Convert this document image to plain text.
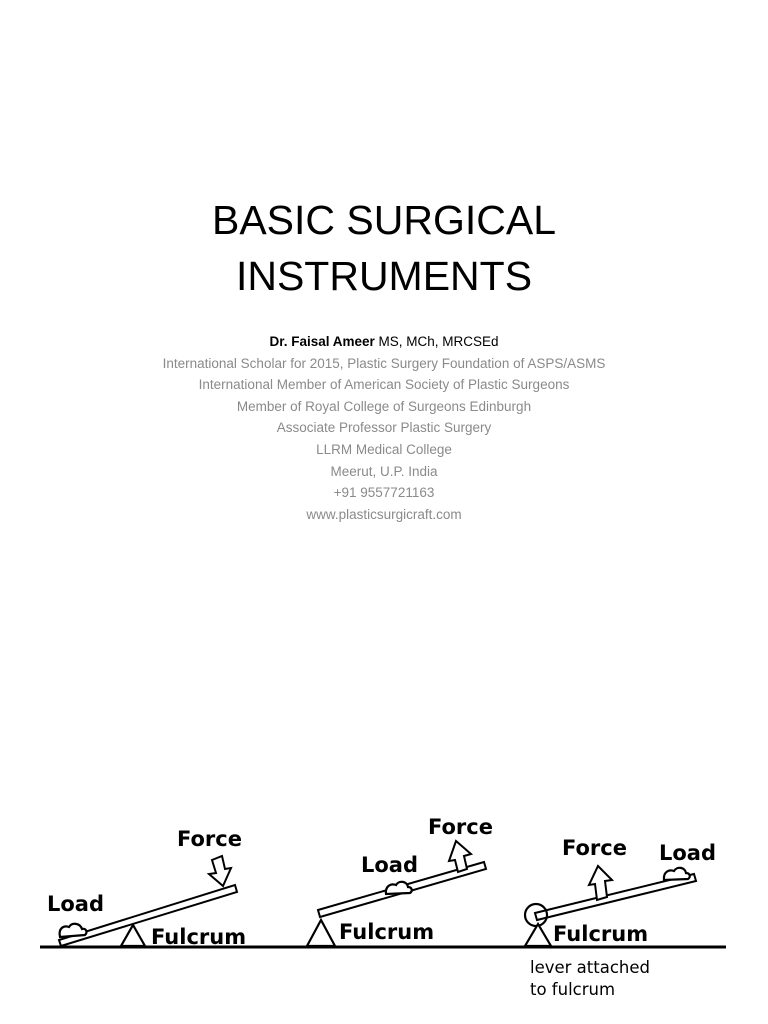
BASIC SURGICAL
INSTRUMENTS
Dr. Faisal Ameer MS, MCh, MRCSEd
International Scholar for 2015, Plastic Surgery Foundation of ASPS/ASMS
International Member of American Society of Plastic Surgeons
Member of Royal College of Surgeons Edinburgh
Associate Professor Plastic Surgery
LLRM Medical College
Meerut, U.P. India
+91 9557721163
www.plasticsurgicraft.com
Force
Load
Fulcrum
Force
Load
Fulcrum
Force Load
Fulcrum
lever attached
to fulcrum
